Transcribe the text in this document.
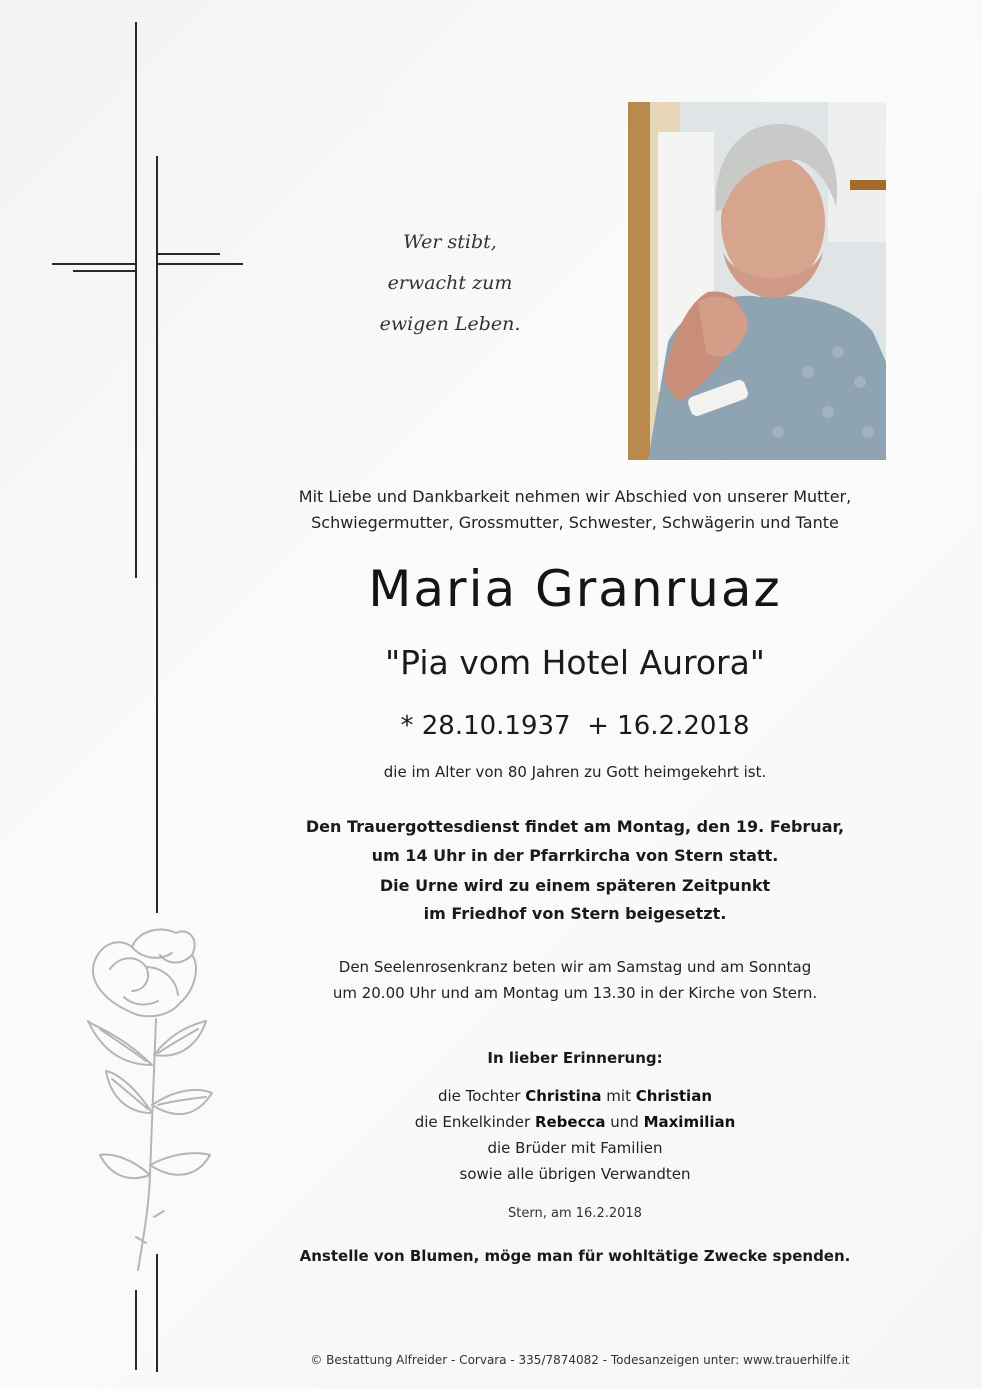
Wer stibt,
erwacht zum
ewigen Leben.
Mit Liebe und Dankbarkeit nehmen wir Abschied von unserer Mutter,
Schwiegermutter, Grossmutter, Schwester, Schwägerin und Tante
Maria Granruaz
"Pia vom Hotel Aurora"
* 28.10.1937  + 16.2.2018
die im Alter von 80 Jahren zu Gott heimgekehrt ist.
Den Trauergottesdienst findet am Montag, den 19. Februar,
um 14 Uhr in der Pfarrkircha von Stern statt.
Die Urne wird zu einem späteren Zeitpunkt
im Friedhof von Stern beigesetzt.
Den Seelenrosenkranz beten wir am Samstag und am Sonntag
um 20.00 Uhr und am Montag um 13.30 in der Kirche von Stern.
In lieber Erinnerung:
die Tochter Christina mit Christian
die Enkelkinder Rebecca und Maximilian
die Brüder mit Familien
sowie alle übrigen Verwandten
Stern, am 16.2.2018
Anstelle von Blumen, möge man für wohltätige Zwecke spenden.
© Bestattung Alfreider - Corvara - 335/7874082 - Todesanzeigen unter: www.trauerhilfe.it
